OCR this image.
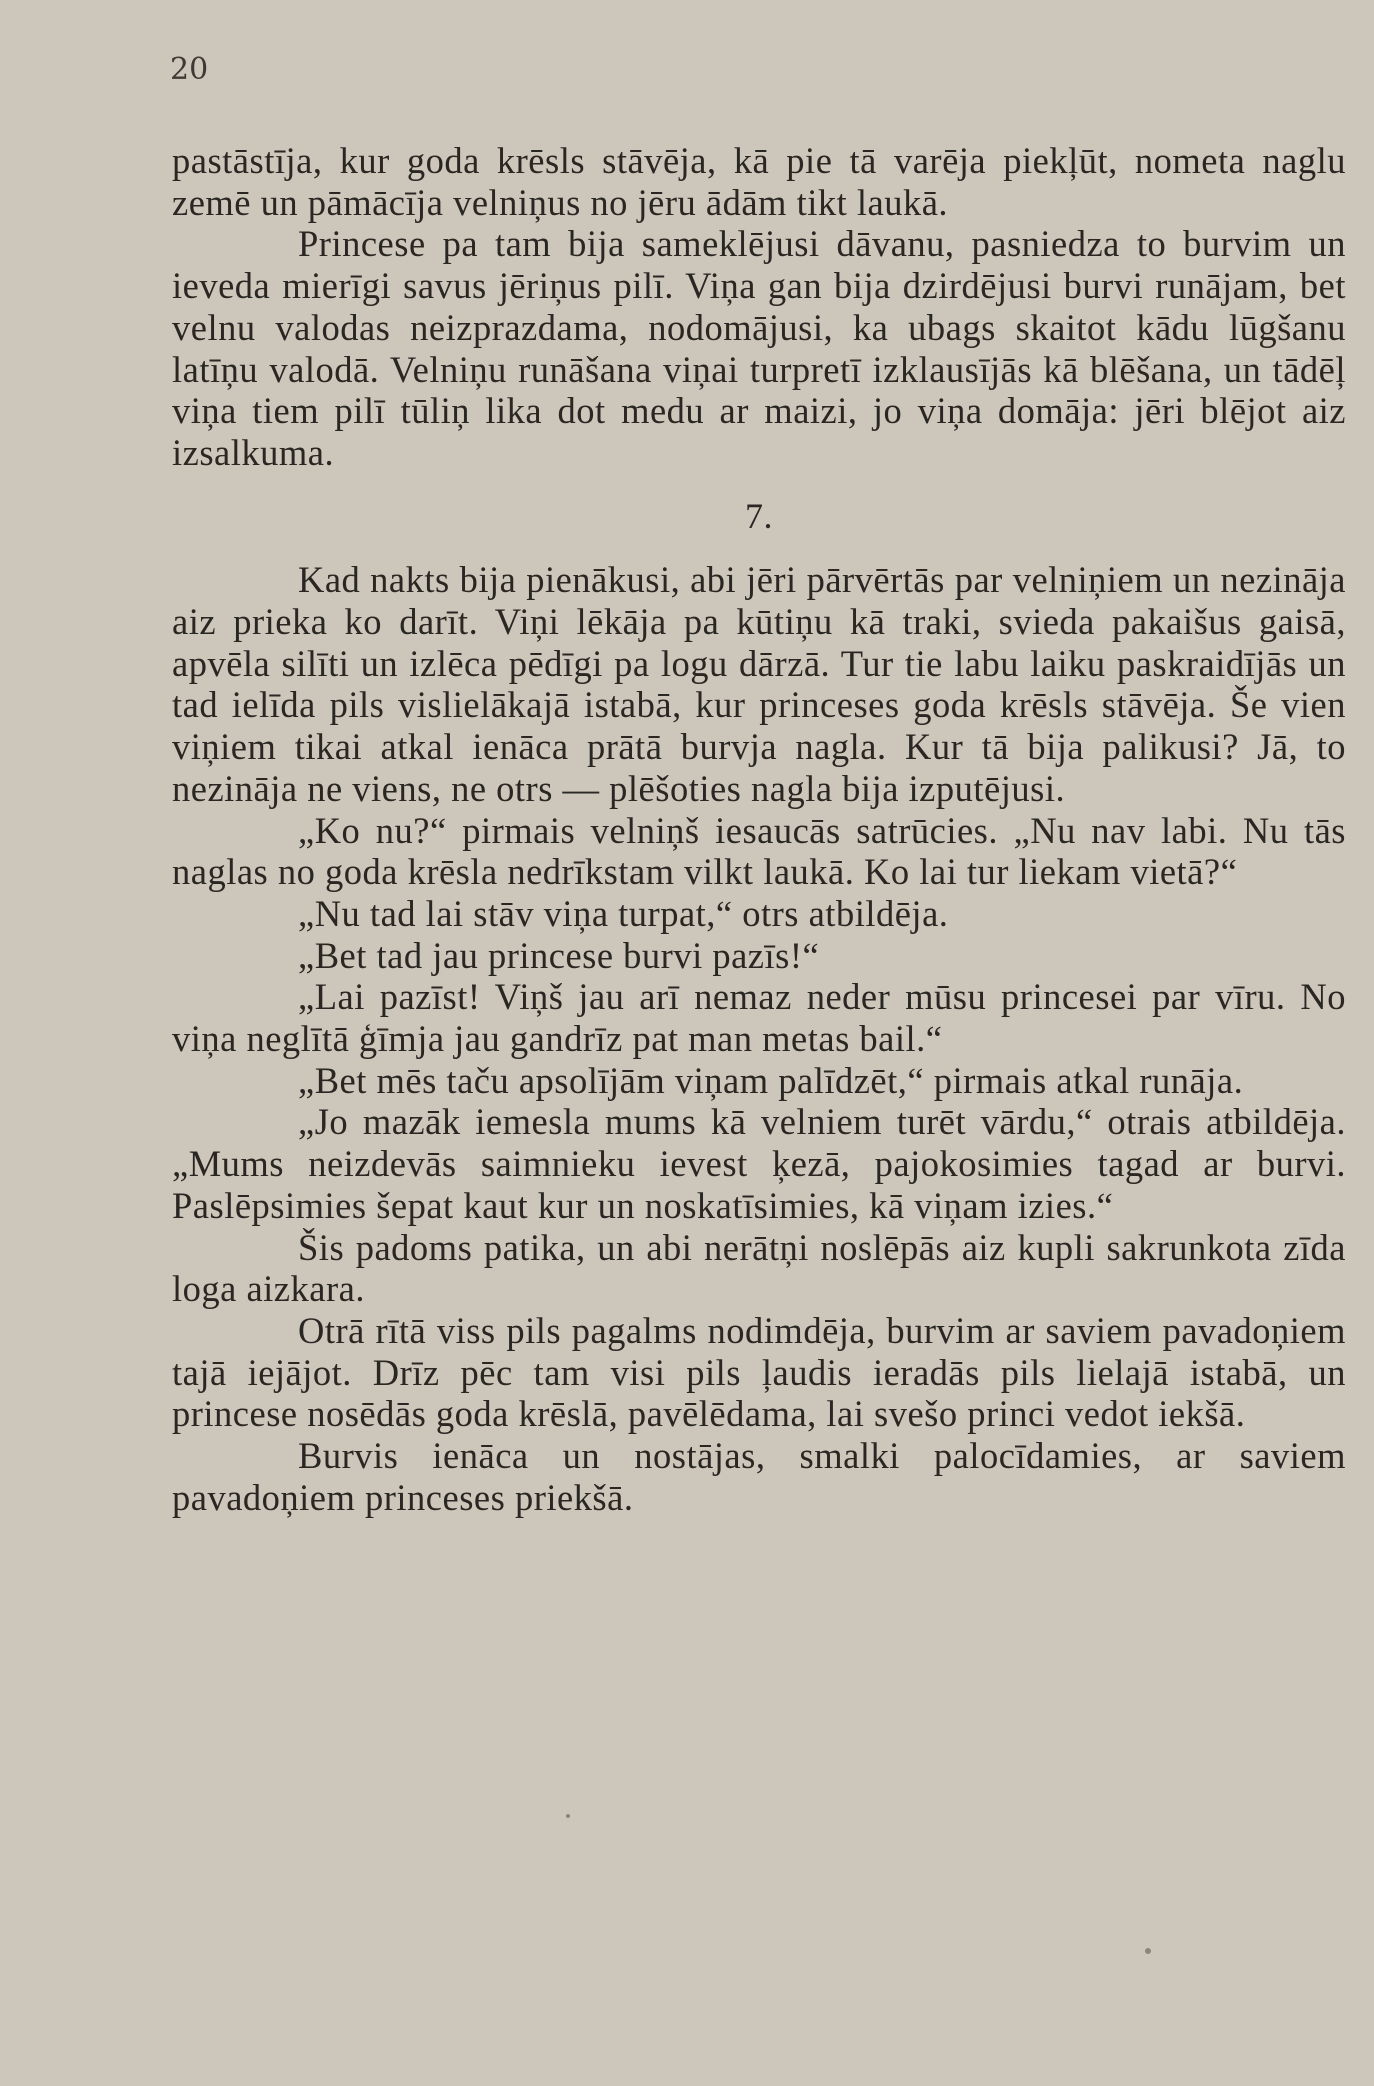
20

pastāstīja, kur goda krēsls stāvēja, kā pie tā varēja piekļūt, nometa naglu zemē un pāmācīja velniņus no jēru ādām tikt laukā.

Princese pa tam bija sameklējusi dāvanu, pasniedza to burvim un ieveda mierīgi savus jēriņus pilī. Viņa gan bija dzirdējusi burvi runājam, bet velnu valodas neizprazdama, nodomājusi, ka ubags skaitot kādu lūgšanu latīņu valodā. Velniņu runāšana viņai turpretī izklausījās kā blēšana, un tādēļ viņa tiem pilī tūliņ lika dot medu ar maizi, jo viņa domāja: jēri blējot aiz izsalkuma.

7.

Kad nakts bija pienākusi, abi jēri pārvērtās par velniņiem un nezināja aiz prieka ko darīt. Viņi lēkāja pa kūtiņu kā traki, svieda pakaišus gaisā, apvēla silīti un izlēca pēdīgi pa logu dārzā. Tur tie labu laiku paskraidījās un tad ielīda pils vislielākajā istabā, kur princeses goda krēsls stāvēja. Še vien viņiem tikai atkal ienāca prātā burvja nagla. Kur tā bija palikusi? Jā, to nezināja ne viens, ne otrs — plēšoties nagla bija izputējusi.

„Ko nu?“ pirmais velniņš iesaucās satrūcies. „Nu nav labi. Nu tās naglas no goda krēsla nedrīkstam vilkt laukā. Ko lai tur liekam vietā?“

„Nu tad lai stāv viņa turpat,“ otrs atbildēja.

„Bet tad jau princese burvi pazīs!“

„Lai pazīst! Viņš jau arī nemaz neder mūsu princesei par vīru. No viņa neglītā ģīmja jau gandrīz pat man metas bail.“

„Bet mēs taču apsolījām viņam palīdzēt,“ pirmais atkal runāja.

„Jo mazāk iemesla mums kā velniem turēt vārdu,“ otrais atbildēja. „Mums neizdevās saimnieku ievest ķezā, pajokosimies tagad ar burvi. Paslēpsimies šepat kaut kur un noskatīsimies, kā viņam izies.“

Šis padoms patika, un abi nerātņi noslēpās aiz kupli sakrunkota zīda loga aizkara.

Otrā rītā viss pils pagalms nodimdēja, burvim ar saviem pavadoņiem tajā iejājot. Drīz pēc tam visi pils ļaudis ieradās pils lielajā istabā, un princese nosēdās goda krēslā, pavēlēdama, lai svešo princi vedot iekšā.

Burvis ienāca un nostājas, smalki palocīdamies, ar saviem pavadoņiem princeses priekšā.
